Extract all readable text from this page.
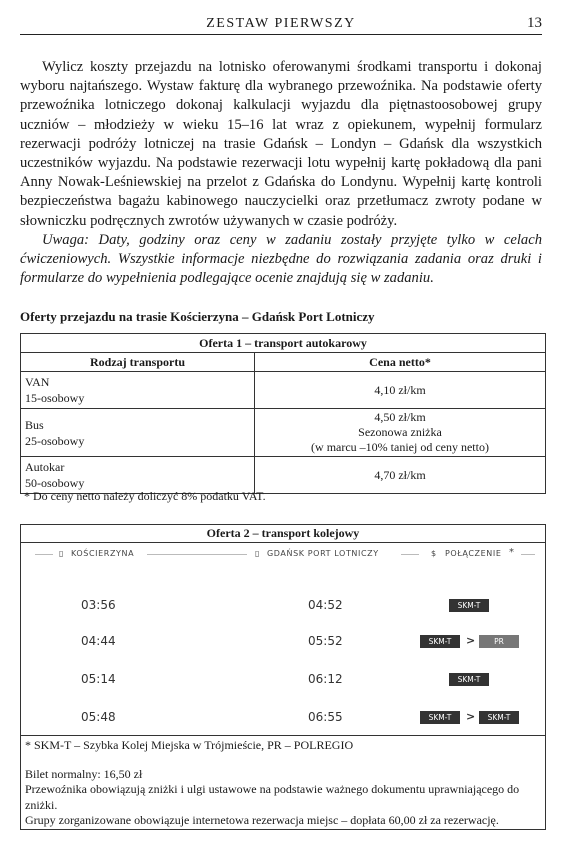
ZESTAW PIERWSZY	13

Wylicz koszty przejazdu na lotnisko oferowanymi środkami transportu i dokonaj wyboru najtańszego. Wystaw fakturę dla wybranego przewoźnika. Na podstawie oferty przewoźnika lotniczego dokonaj kalkulacji wyjazdu dla piętnastoosobowej grupy uczniów – młodzieży w wieku 15–16 lat wraz z opiekunem, wypełnij formularz rezerwacji podróży lotniczej na trasie Gdańsk – Londyn – Gdańsk dla wszystkich uczestników wyjazdu. Na podstawie rezerwacji lotu wypełnij kartę pokładową dla pani Anny Nowak-Leśniewskiej na przelot z Gdańska do Londynu. Wypełnij kartę kontroli bezpieczeństwa bagażu kabinowego nauczycielki oraz przetłumacz zwroty podane w słowniczku podręcznych zwrotów używanych w czasie podróży.

Uwaga: Daty, godziny oraz ceny w zadaniu zostały przyjęte tylko w celach ćwiczeniowych. Wszystkie informacje niezbędne do rozwiązania zadania oraz druki i formularze do wypełnienia podlegające ocenie znajdują się w zadaniu.

Oferty przejazdu na trasie Kościerzyna – Gdańsk Port Lotniczy
Oferta 1 – transport autokarowy	
Rodzaj transportu	Cena netto*
VAN
15-osobowy	4,10 zł/km
Bus
25-osobowy	4,50 zł/km
Sezonowa zniżka
(w marcu –10% taniej od ceny netto)
Autokar
50-osobowy	4,70 zł/km
* Do ceny netto należy doliczyć 8% podatku VAT.
Oferta 2 – transport kolejowy
▯ KOŚCIERZYNA	▯ GDAŃSK PORT LOTNICZY	$ POŁĄCZENIE *
03:56	04:52	SKM-T
04:44	05:52	SKM-T	>	PR
05:14	06:12	SKM-T
05:48	06:55	SKM-T	>	SKM-T
* SKM-T – Szybka Kolej Miejska w Trójmieście, PR – POLREGIO
Bilet normalny: 16,50 zł
Przewoźnika obowiązują zniżki i ulgi ustawowe na podstawie ważnego dokumentu uprawniającego do zniżki.
Grupy zorganizowane obowiązuje internetowa rezerwacja miejsc – dopłata 60,00 zł za rezerwację.
